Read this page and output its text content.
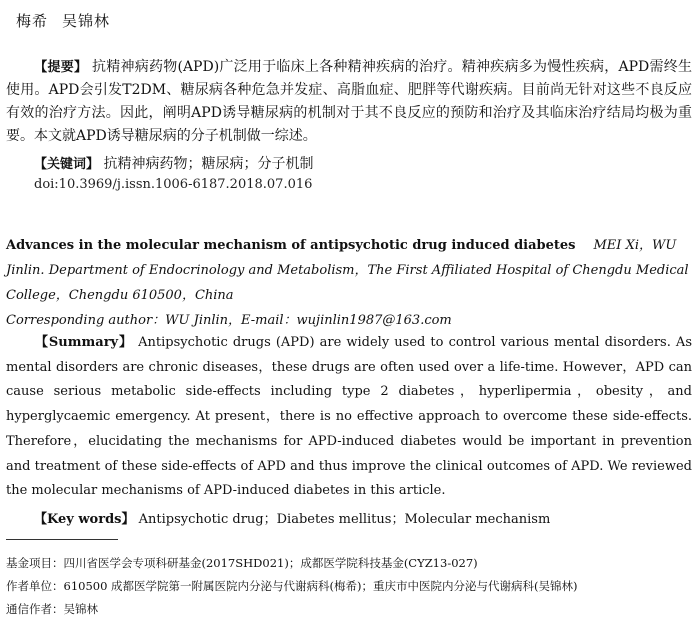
梅希 吴锦林
【提要】 抗精神病药物(APD)广泛用于临床上各种精神疾病的治疗。精神疾病多为慢性疾病，APD需终生使用。APD会引发T2DM、糖尿病各种危急并发症、高脂血症、肥胖等代谢疾病。目前尚无针对这些不良反应有效的治疗方法。因此，阐明APD诱导糖尿病的机制对于其不良反应的预防和治疗及其临床治疗结局均极为重要。本文就APD诱导糖尿病的分子机制做一综述。
【关键词】 抗精神病药物；糖尿病；分子机制
doi:10.3969/j.issn.1006-6187.2018.07.016
Advances in the molecular mechanism of antipsychotic drug induced diabetes MEI Xi，WU Jinlin. Department of Endocrinology and Metabolism，The First Affiliated Hospital of Chengdu Medical College，Chengdu 610500，China
Corresponding author：WU Jinlin，E-mail：wujinlin1987@163.com
【Summary】 Antipsychotic drugs (APD) are widely used to control various mental disorders. As mental disorders are chronic diseases，these drugs are often used over a life-time. However，APD can cause serious metabolic side-effects including type 2 diabetes，hyperlipermia，obesity，and hyperglycaemic emergency. At present，there is no effective approach to overcome these side-effects. Therefore，elucidating the mechanisms for APD-induced diabetes would be important in prevention and treatment of these side-effects of APD and thus improve the clinical outcomes of APD. We reviewed the molecular mechanisms of APD-induced diabetes in this article.
【Key words】 Antipsychotic drug；Diabetes mellitus；Molecular mechanism
基金项目：四川省医学会专项科研基金(2017SHD021)；成都医学院科技基金(CYZ13-027)
作者单位：610500 成都医学院第一附属医院内分泌与代谢病科(梅希)；重庆市中医院内分泌与代谢病科(吴锦林)
通信作者：吴锦林
